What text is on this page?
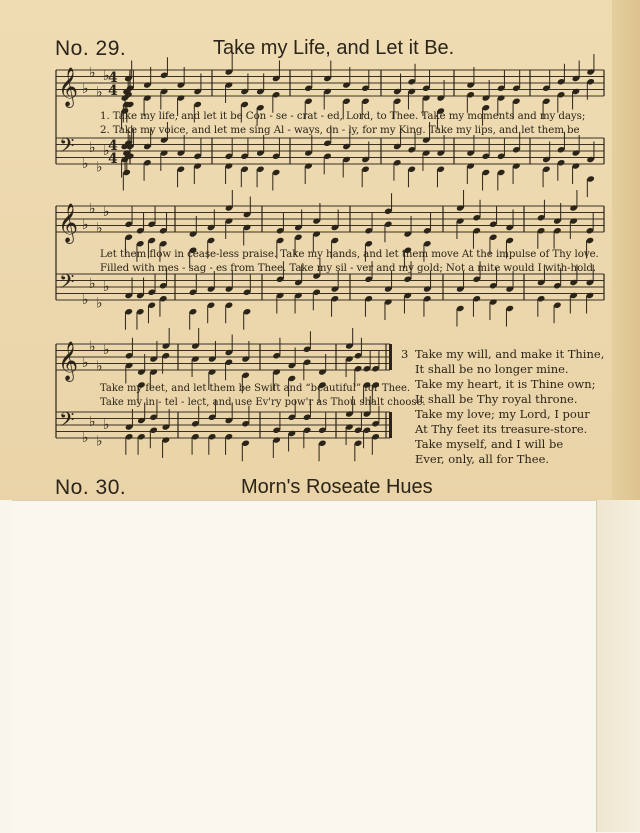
No. 29.	Take my Life, and Let it Be.
𝄞
𝄢
♭
♭
♭
♭
♭
♭
♭
♭
4
4
4
4
1. Take my life, and let it be Con - se - crat - ed, Lord, to Thee. Take my moments and my days;
2. Take my voice, and let me sing Al - ways, on - ly, for my King. Take my lips, and let them be
𝄞
𝄢
♭
♭
♭
♭
♭
♭
♭
♭
Let them flow in cease-less praise. Take my hands, and let them move At the impulse of Thy love.
Filled with mes - sag - es from Thee. Take my sil - ver and my gold; Not a mite would I with-hold.
𝄞
𝄢
♭
♭
♭
♭
♭
♭
♭
♭
Take my feet, and let them be Swift and “beautiful” for Thee.
Take my in - tel - lect, and use Ev'ry pow'r as Thou shalt choose.
3 Take my will, and make it Thine,
It shall be no longer mine.
Take my heart, it is Thine own;
It shall be Thy royal throne.
Take my love; my Lord, I pour
At Thy feet its treasure-store.
Take myself, and I will be
Ever, only, all for Thee.
No. 30.	Morn's Roseate Hues
